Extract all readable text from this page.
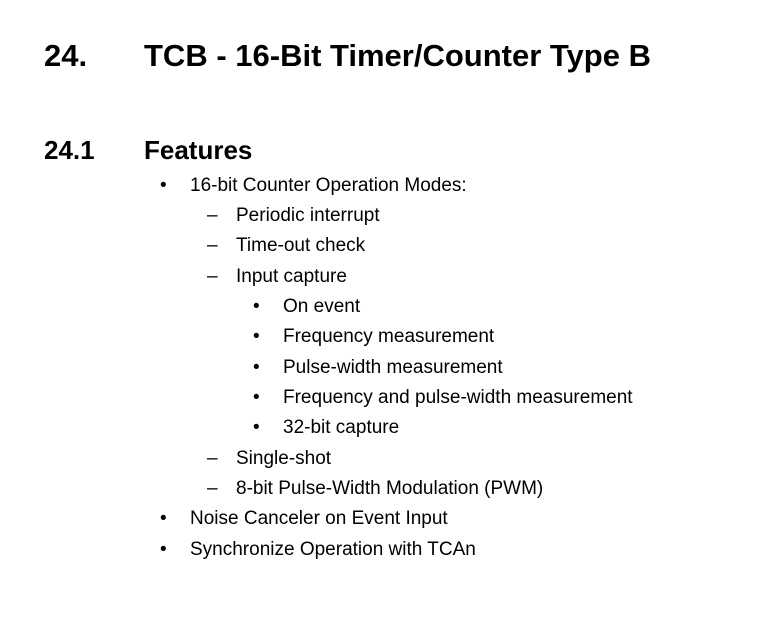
24. TCB - 16-Bit Timer/Counter Type B
24.1 Features
• 16-bit Counter Operation Modes:
– Periodic interrupt
– Time-out check
– Input capture
• On event
• Frequency measurement
• Pulse-width measurement
• Frequency and pulse-width measurement
• 32-bit capture
– Single-shot
– 8-bit Pulse-Width Modulation (PWM)
• Noise Canceler on Event Input
• Synchronize Operation with TCAn
